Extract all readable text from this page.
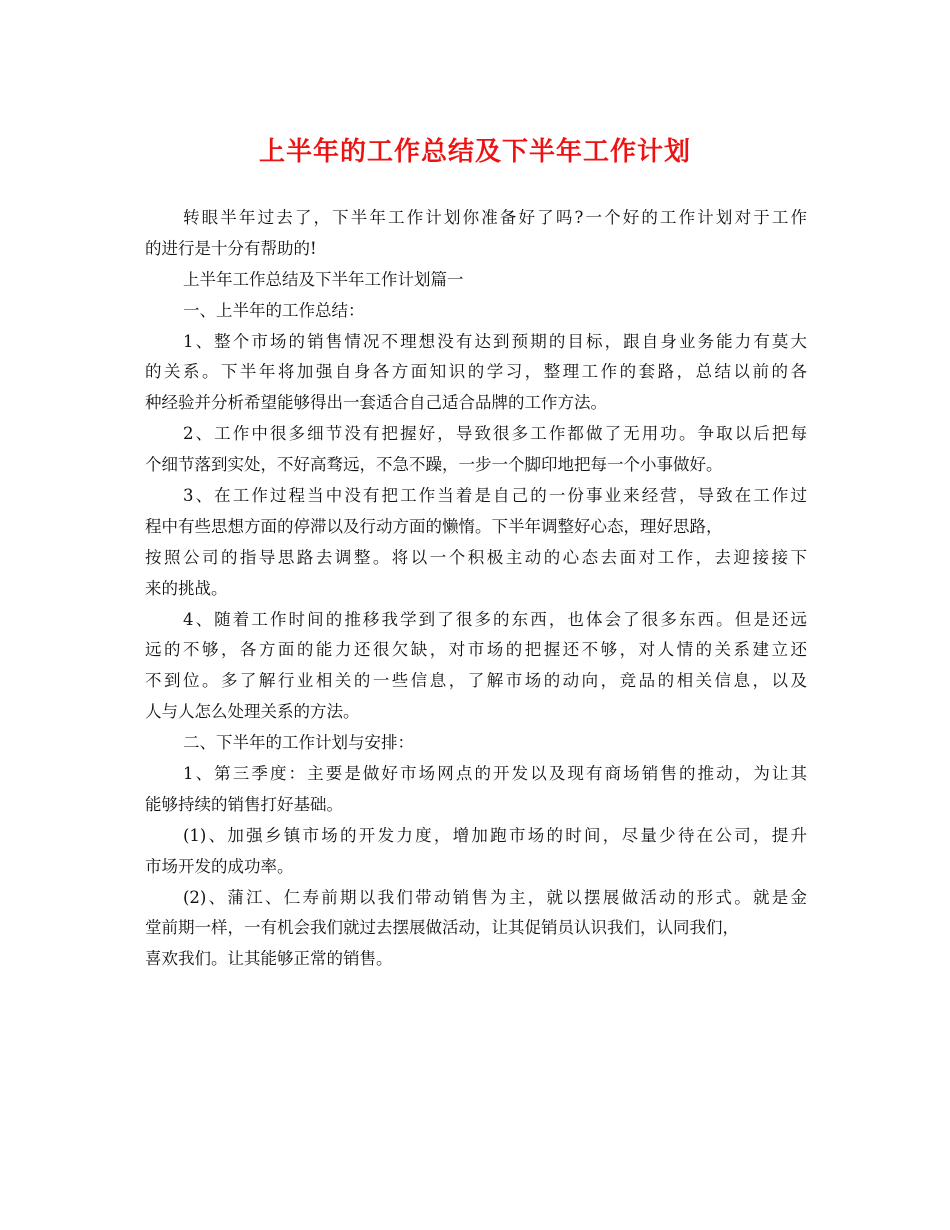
上半年的工作总结及下半年工作计划
转眼半年过去了，下半年工作计划你准备好了吗?一个好的工作计划对于工作
的进行是十分有帮助的!
上半年工作总结及下半年工作计划篇一
一、上半年的工作总结：
1、整个市场的销售情况不理想没有达到预期的目标，跟自身业务能力有莫大
的关系。下半年将加强自身各方面知识的学习，整理工作的套路，总结以前的各
种经验并分析希望能够得出一套适合自己适合品牌的工作方法。
2、工作中很多细节没有把握好，导致很多工作都做了无用功。争取以后把每
个细节落到实处，不好高骛远，不急不躁，一步一个脚印地把每一个小事做好。
3、在工作过程当中没有把工作当着是自己的一份事业来经营，导致在工作过
程中有些思想方面的停滞以及行动方面的懒惰。下半年调整好心态，理好思路，
按照公司的指导思路去调整。将以一个积极主动的心态去面对工作，去迎接接下
来的挑战。
4、随着工作时间的推移我学到了很多的东西，也体会了很多东西。但是还远
远的不够，各方面的能力还很欠缺，对市场的把握还不够，对人情的关系建立还
不到位。多了解行业相关的一些信息，了解市场的动向，竞品的相关信息，以及
人与人怎么处理关系的方法。
二、下半年的工作计划与安排：
1、第三季度：主要是做好市场网点的开发以及现有商场销售的推动，为让其
能够持续的销售打好基础。
(1)、加强乡镇市场的开发力度，增加跑市场的时间，尽量少待在公司，提升
市场开发的成功率。
(2)、蒲江、仁寿前期以我们带动销售为主，就以摆展做活动的形式。就是金
堂前期一样，一有机会我们就过去摆展做活动，让其促销员认识我们，认同我们，
喜欢我们。让其能够正常的销售。
